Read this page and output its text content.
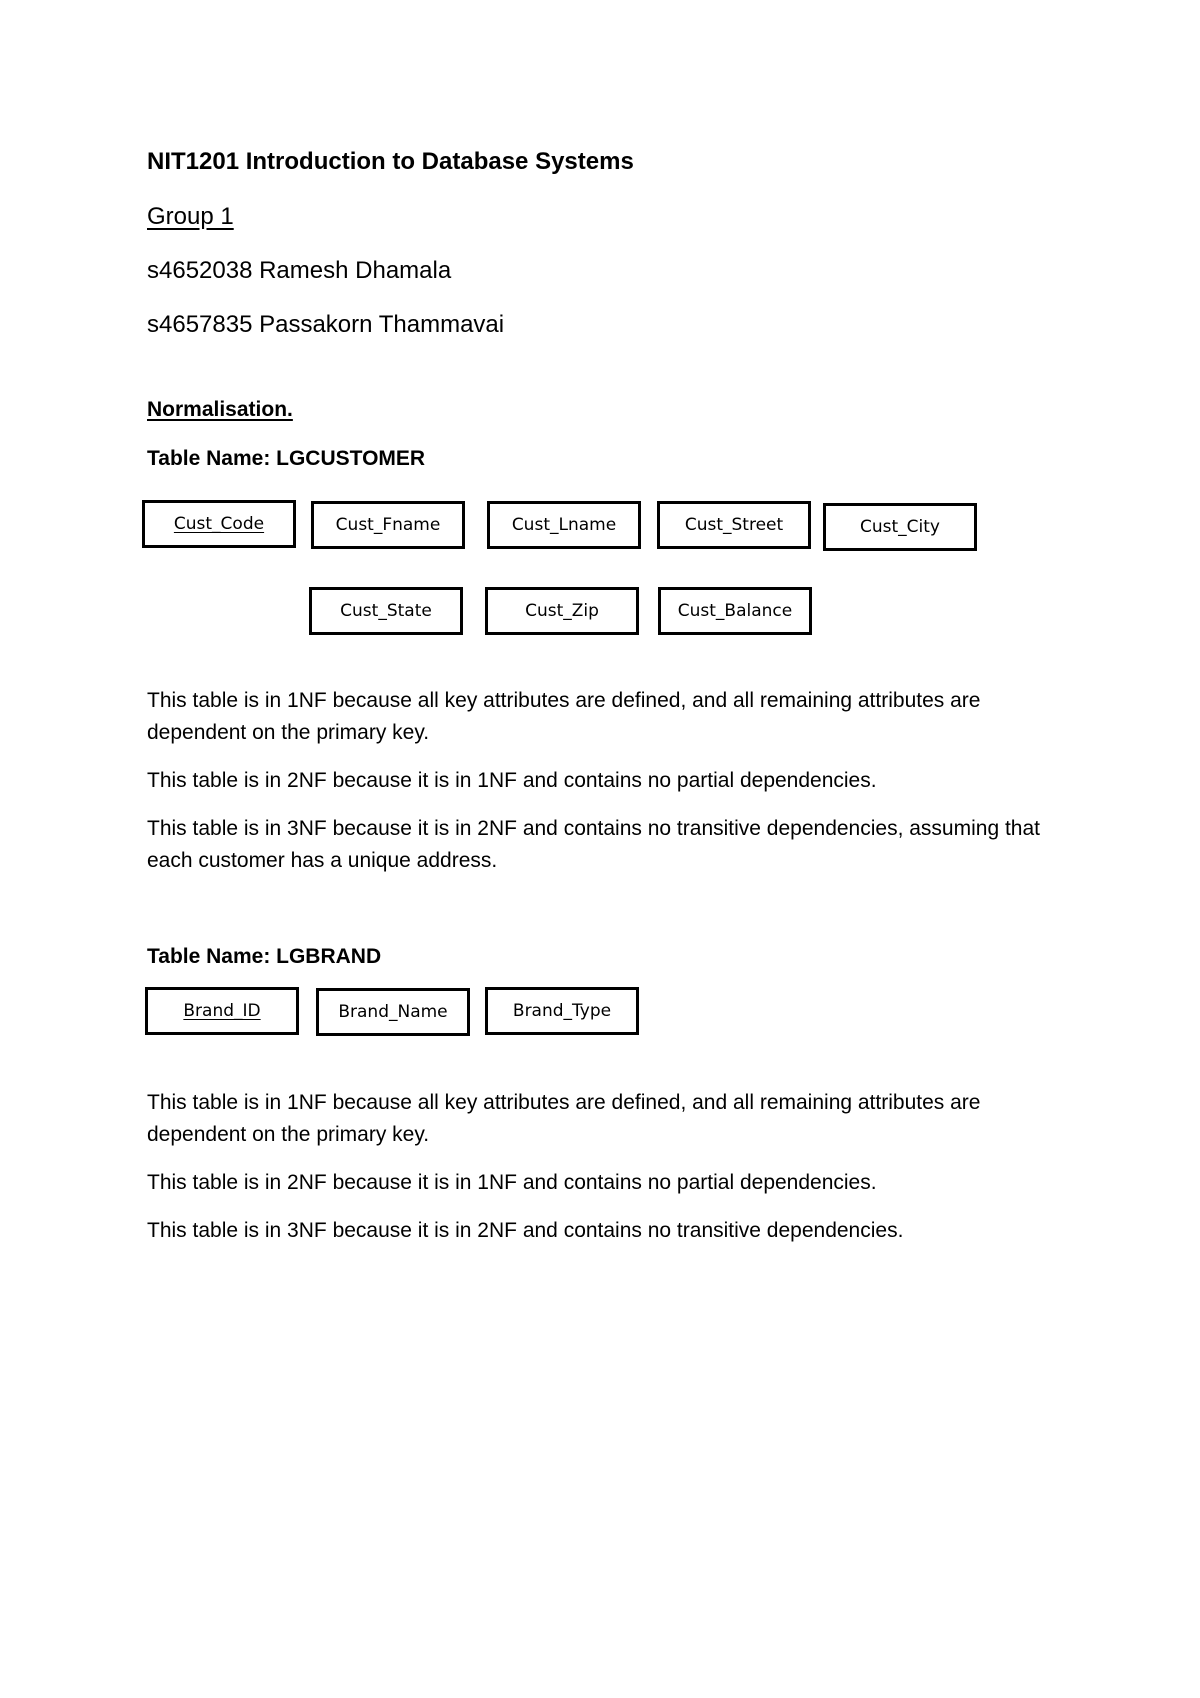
NIT1201 Introduction to Database Systems
Group 1
s4652038 Ramesh Dhamala
s4657835 Passakorn Thammavai
Normalisation.
Table Name: LGCUSTOMER
Cust_Code	Cust_Fname	Cust_Lname	Cust_Street	Cust_City
Cust_State	Cust_Zip	Cust_Balance

This table is in 1NF because all key attributes are defined, and all remaining attributes are dependent on the primary key.

This table is in 2NF because it is in 1NF and contains no partial dependencies.

This table is in 3NF because it is in 2NF and contains no transitive dependencies, assuming that each customer has a unique address.

Table Name: LGBRAND
Brand_ID	Brand_Name	Brand_Type

This table is in 1NF because all key attributes are defined, and all remaining attributes are dependent on the primary key.

This table is in 2NF because it is in 1NF and contains no partial dependencies.

This table is in 3NF because it is in 2NF and contains no transitive dependencies.
